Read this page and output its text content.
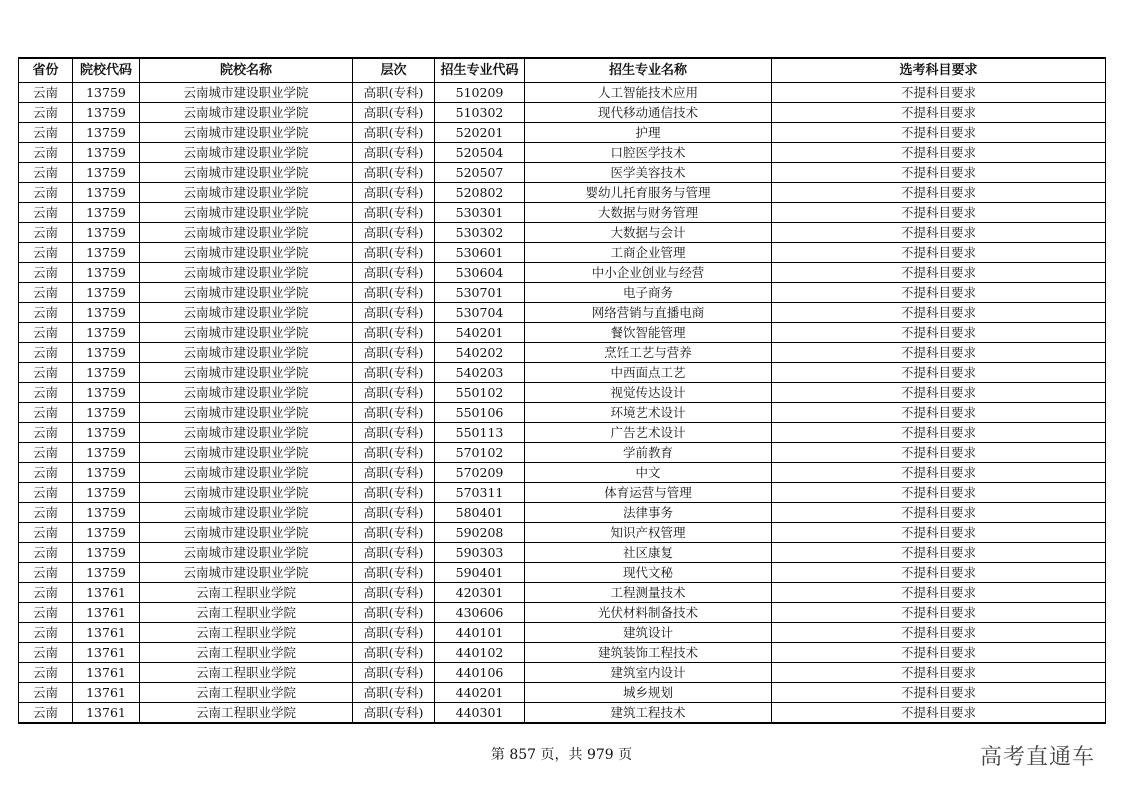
省份	院校代码	院校名称	层次	招生专业代码	招生专业名称	选考科目要求
云南	13759	云南城市建设职业学院	高职(专科)	510209	人工智能技术应用	不提科目要求
云南	13759	云南城市建设职业学院	高职(专科)	510302	现代移动通信技术	不提科目要求
云南	13759	云南城市建设职业学院	高职(专科)	520201	护理	不提科目要求
云南	13759	云南城市建设职业学院	高职(专科)	520504	口腔医学技术	不提科目要求
云南	13759	云南城市建设职业学院	高职(专科)	520507	医学美容技术	不提科目要求
云南	13759	云南城市建设职业学院	高职(专科)	520802	婴幼儿托育服务与管理	不提科目要求
云南	13759	云南城市建设职业学院	高职(专科)	530301	大数据与财务管理	不提科目要求
云南	13759	云南城市建设职业学院	高职(专科)	530302	大数据与会计	不提科目要求
云南	13759	云南城市建设职业学院	高职(专科)	530601	工商企业管理	不提科目要求
云南	13759	云南城市建设职业学院	高职(专科)	530604	中小企业创业与经营	不提科目要求
云南	13759	云南城市建设职业学院	高职(专科)	530701	电子商务	不提科目要求
云南	13759	云南城市建设职业学院	高职(专科)	530704	网络营销与直播电商	不提科目要求
云南	13759	云南城市建设职业学院	高职(专科)	540201	餐饮智能管理	不提科目要求
云南	13759	云南城市建设职业学院	高职(专科)	540202	烹饪工艺与营养	不提科目要求
云南	13759	云南城市建设职业学院	高职(专科)	540203	中西面点工艺	不提科目要求
云南	13759	云南城市建设职业学院	高职(专科)	550102	视觉传达设计	不提科目要求
云南	13759	云南城市建设职业学院	高职(专科)	550106	环境艺术设计	不提科目要求
云南	13759	云南城市建设职业学院	高职(专科)	550113	广告艺术设计	不提科目要求
云南	13759	云南城市建设职业学院	高职(专科)	570102	学前教育	不提科目要求
云南	13759	云南城市建设职业学院	高职(专科)	570209	中文	不提科目要求
云南	13759	云南城市建设职业学院	高职(专科)	570311	体育运营与管理	不提科目要求
云南	13759	云南城市建设职业学院	高职(专科)	580401	法律事务	不提科目要求
云南	13759	云南城市建设职业学院	高职(专科)	590208	知识产权管理	不提科目要求
云南	13759	云南城市建设职业学院	高职(专科)	590303	社区康复	不提科目要求
云南	13759	云南城市建设职业学院	高职(专科)	590401	现代文秘	不提科目要求
云南	13761	云南工程职业学院	高职(专科)	420301	工程测量技术	不提科目要求
云南	13761	云南工程职业学院	高职(专科)	430606	光伏材料制备技术	不提科目要求
云南	13761	云南工程职业学院	高职(专科)	440101	建筑设计	不提科目要求
云南	13761	云南工程职业学院	高职(专科)	440102	建筑装饰工程技术	不提科目要求
云南	13761	云南工程职业学院	高职(专科)	440106	建筑室内设计	不提科目要求
云南	13761	云南工程职业学院	高职(专科)	440201	城乡规划	不提科目要求
云南	13761	云南工程职业学院	高职(专科)	440301	建筑工程技术	不提科目要求
第 857 页，共 979 页	高考直通车
